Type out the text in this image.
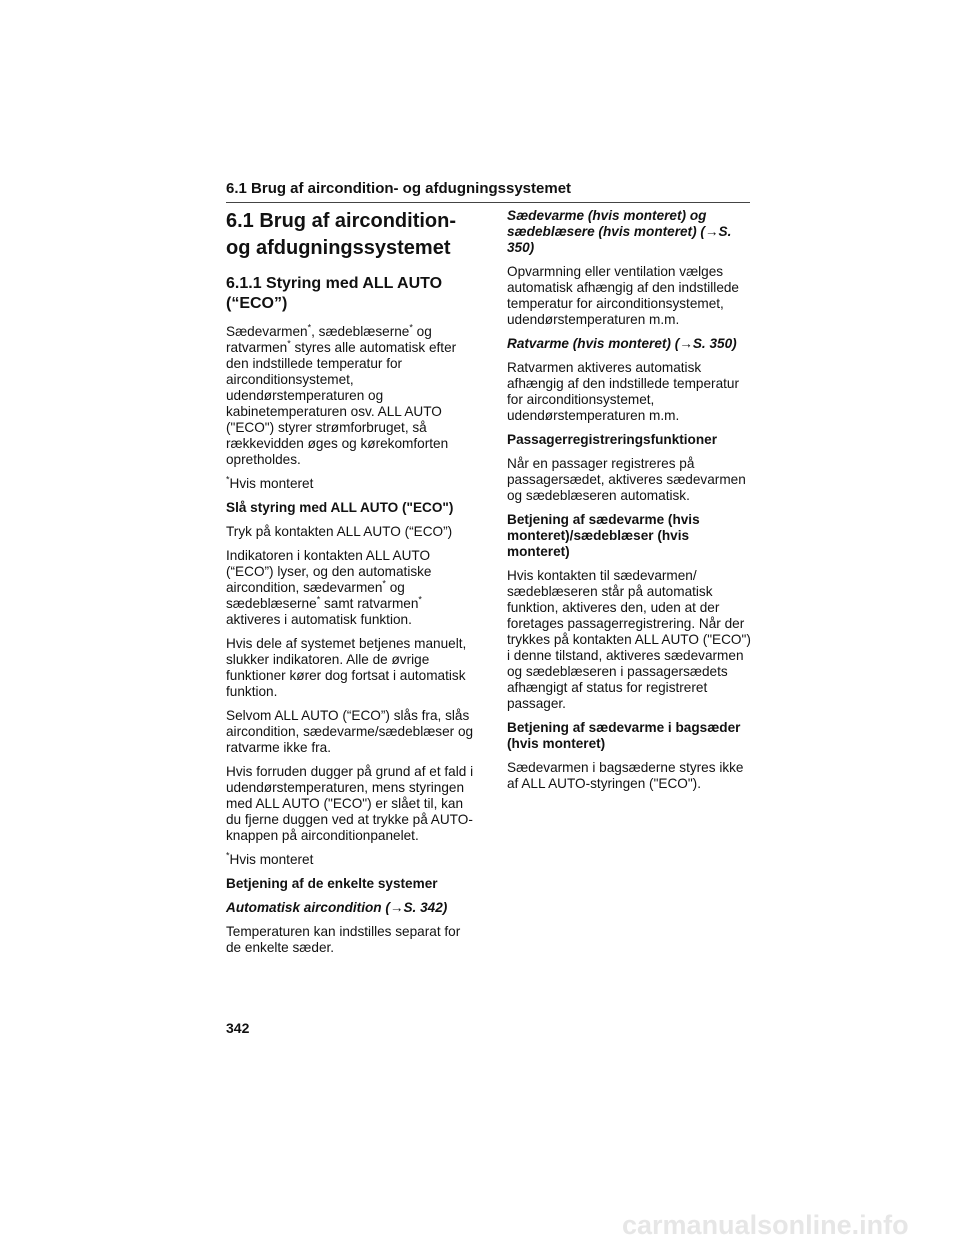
6.1 Brug af aircondition- og afdugningssystemet
6.1 Brug af aircondition- og afdugningssystemet
6.1.1 Styring med ALL AUTO (“ECO”)

Sædevarmen*, sædeblæserne* og ratvarmen* styres alle automatisk efter den indstillede temperatur for airconditionsystemet, udendørstemperaturen og kabinetemperaturen osv. ALL AUTO ("ECO") styrer strømforbruget, så rækkevidden øges og kørekomforten opretholdes.

*Hvis monteret

Slå styring med ALL AUTO ("ECO")

Tryk på kontakten ALL AUTO (“ECO”)

Indikatoren i kontakten ALL AUTO (“ECO”) lyser, og den automatiske aircondition, sædevarmen* og sædeblæserne* samt ratvarmen* aktiveres i automatisk funktion.

Hvis dele af systemet betjenes manuelt, slukker indikatoren. Alle de øvrige funktioner kører dog fortsat i automatisk funktion.

Selvom ALL AUTO (“ECO”) slås fra, slås aircondition, sædevarme/sædeblæser og ratvarme ikke fra.

Hvis forruden dugger på grund af et fald i udendørstemperaturen, mens styringen med ALL AUTO ("ECO") er slået til, kan du fjerne duggen ved at trykke på AUTO-knappen på airconditionpanelet.

*Hvis monteret

Betjening af de enkelte systemer

Automatisk aircondition (→S. 342)

Temperaturen kan indstilles separat for de enkelte sæder.

Sædevarme (hvis monteret) og sædeblæsere (hvis monteret) (→S. 350)

Opvarmning eller ventilation vælges automatisk afhængig af den indstillede temperatur for airconditionsystemet, udendørstemperaturen m.m.

Ratvarme (hvis monteret) (→S. 350)

Ratvarmen aktiveres automatisk afhængig af den indstillede temperatur for airconditionsystemet, udendørstemperaturen m.m.

Passagerregistreringsfunktioner

Når en passager registreres på passagersædet, aktiveres sædevarmen og sædeblæseren automatisk.

Betjening af sædevarme (hvis monteret)/sædeblæser (hvis monteret)

Hvis kontakten til sædevarmen/ sædeblæseren står på automatisk funktion, aktiveres den, uden at der foretages passagerregistrering. Når der trykkes på kontakten ALL AUTO ("ECO") i denne tilstand, aktiveres sædevarmen og sædeblæseren i passagersædets afhængigt af status for registreret passager.

Betjening af sædevarme i bagsæder (hvis monteret)

Sædevarmen i bagsæderne styres ikke af ALL AUTO-styringen ("ECO").

342
carmanualsonline.info
